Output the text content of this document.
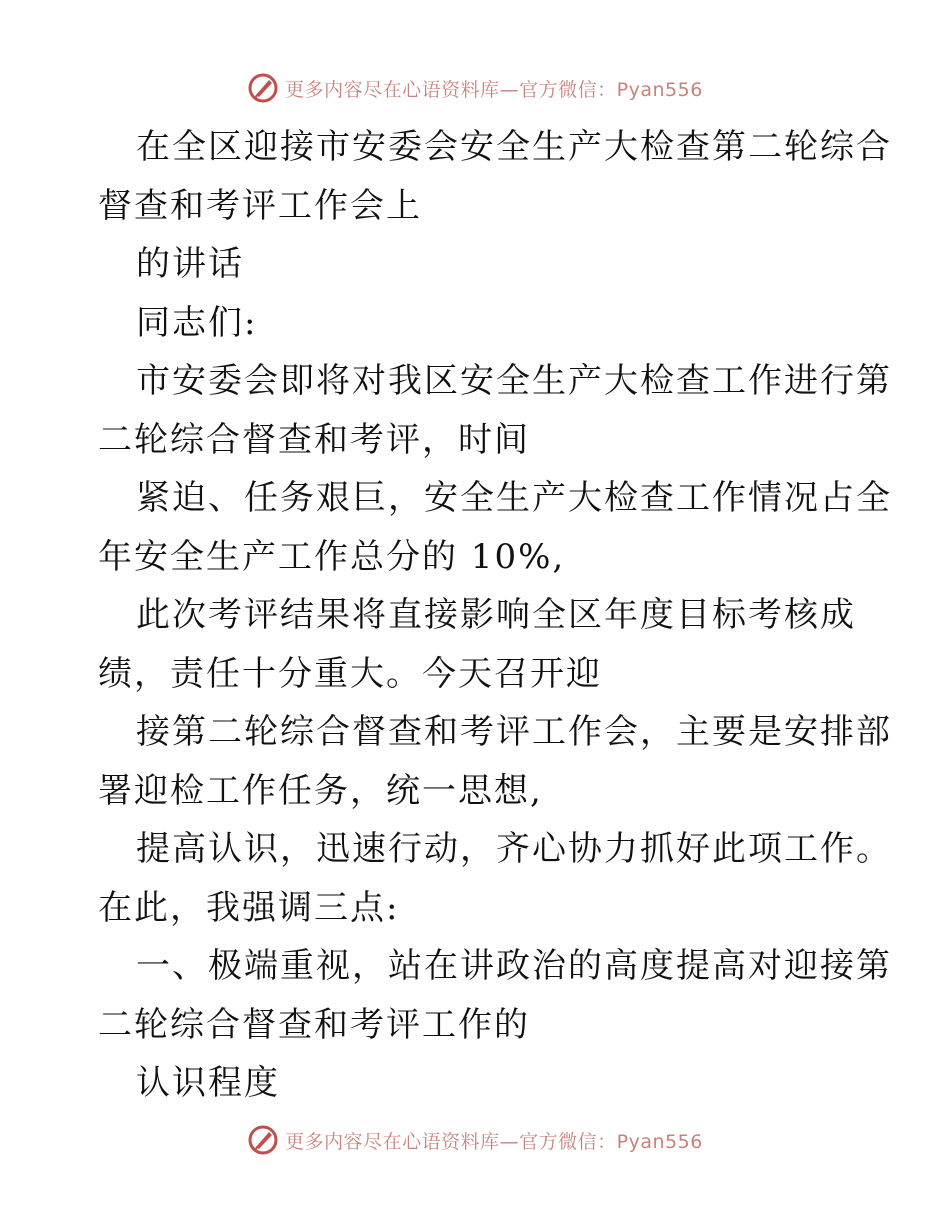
更多内容尽在心语资料库—官方微信：Pyan556

在全区迎接市安委会安全生产大检查第二轮综合

督查和考评工作会上

的讲话

同志们:

市安委会即将对我区安全生产大检查工作进行第

二轮综合督查和考评，时间

紧迫、任务艰巨，安全生产大检查工作情况占全

年安全生产工作总分的 10%,

此次考评结果将直接影响全区年度目标考核成

绩，责任十分重大。今天召开迎

接第二轮综合督查和考评工作会，主要是安排部

署迎检工作任务，统一思想,

提高认识，迅速行动，齐心协力抓好此项工作。

在此，我强调三点:

一、极端重视，站在讲政治的高度提高对迎接第

二轮综合督查和考评工作的

认识程度

更多内容尽在心语资料库—官方微信：Pyan556
